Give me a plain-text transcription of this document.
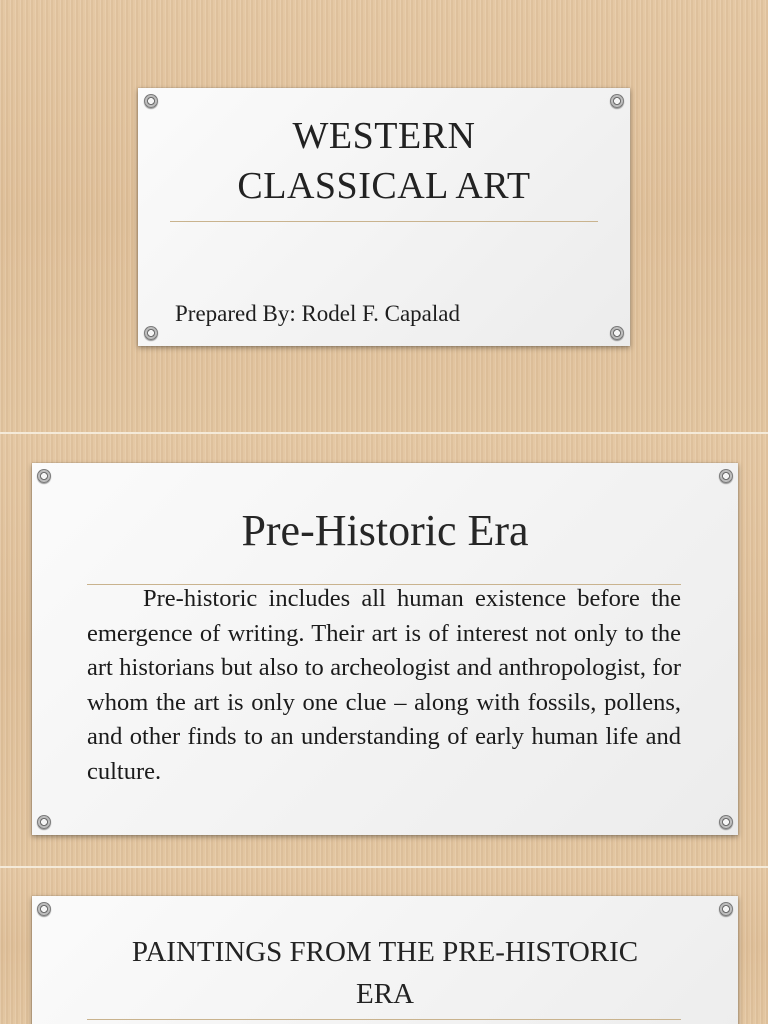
WESTERN
CLASSICAL ART
Prepared By: Rodel F. Capalad
Pre-Historic Era
Pre-historic includes all human existence before the emergence of writing. Their art is of interest not only to the art historians but also to archeologist and anthropologist, for whom the art is only one clue – along with fossils, pollens, and other finds to an understanding of early human life and culture.
PAINTINGS FROM THE PRE-HISTORIC
ERA
